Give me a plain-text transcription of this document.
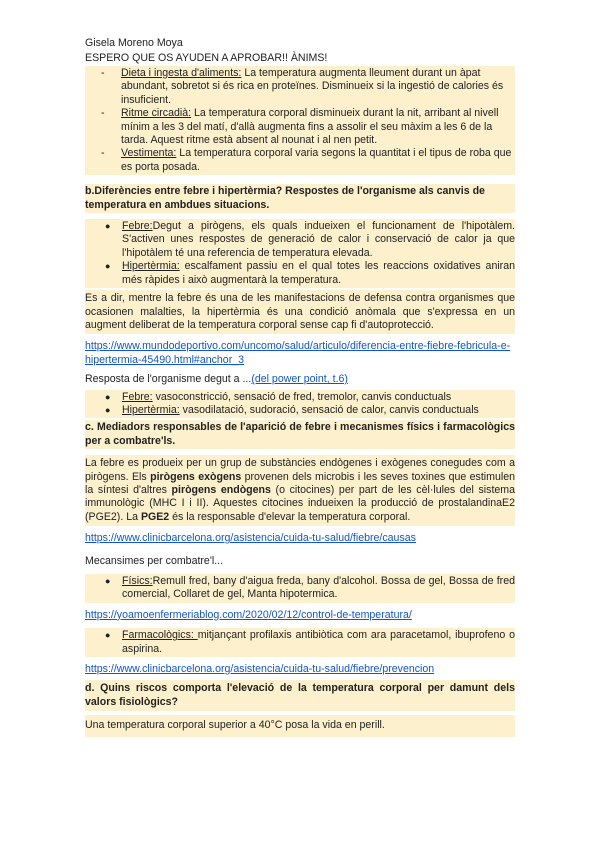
Gisela Moreno Moya
ESPERO QUE OS AYUDEN A APROBAR!! ÀNIMS!
- Dieta i ingesta d'aliments: La temperatura augmenta lleument durant un àpat abundant, sobretot si és rica en proteïnes. Disminueix si la ingestió de calories és insuficient.
- Ritme circadià: La temperatura corporal disminueix durant la nit, arribant al nivell mínim a les 3 del matí, d'allà augmenta fins a assolir el seu màxim a les 6 de la tarda. Aquest ritme està absent al nounat i al nen petit.
- Vestimenta: La temperatura corporal varia segons la quantitat i el tipus de roba que es porta posada.
b.Diferències entre febre i hipertèrmia? Respostes de l'organisme als canvis de temperatura en ambdues situacions.
● Febre:Degut a pirògens, els quals indueixen el funcionament de l'hipotàlem. S'activen unes respostes de generació de calor i conservació de calor ja que l'hipotàlem té una referencia de temperatura elevada.
● Hipertèrmia: escalfament passiu en el qual totes les reaccions oxidatives aniran més ràpides i això augmentarà la temperatura.
Es a dir, mentre la febre és una de les manifestacions de defensa contra organismes que ocasionen malalties, la hipertèrmia és una condició anòmala que s'expressa en un augment deliberat de la temperatura corporal sense cap fi d'autoprotecció.
https://www.mundodeportivo.com/uncomo/salud/articulo/diferencia-entre-fiebre-febricula-e-hipertermia-45490.html#anchor_3
Resposta de l'organisme degut a ...(del power point, t.6)
● Febre: vasoconstricció, sensació de fred, tremolor, canvis conductuals
● Hipertèrmia: vasodilatació, sudoració, sensació de calor, canvis conductuals
c. Mediadors responsables de l'aparició de febre i mecanismes físics i farmacològics per a combatre'ls.
La febre es produeix per un grup de substàncies endògenes i exògenes conegudes com a pirògens. Els pirògens exògens provenen dels microbis i les seves toxines que estimulen la síntesi d'altres pirògens endògens (o citocines) per part de les cèl·lules del sistema immunològic (MHC I i II). Aquestes citocines indueixen la producció de prostalandinaE2 (PGE2). La PGE2 és la responsable d'elevar la temperatura corporal.
https://www.clinicbarcelona.org/asistencia/cuida-tu-salud/fiebre/causas
Mecansimes per combatre'l...
● Físics:Remull fred, bany d'aigua freda, bany d'alcohol. Bossa de gel, Bossa de fred comercial, Collaret de gel, Manta hipotermica.
https://yoamoenfermeriablog.com/2020/02/12/control-de-temperatura/
● Farmacològics: mitjançant profilaxis antibiòtica com ara paracetamol, ibuprofeno o aspirina.
https://www.clinicbarcelona.org/asistencia/cuida-tu-salud/fiebre/prevencion
d. Quins riscos comporta l'elevació de la temperatura corporal per damunt dels valors fisiològics?
Una temperatura corporal superior a 40°C posa la vida en perill.
